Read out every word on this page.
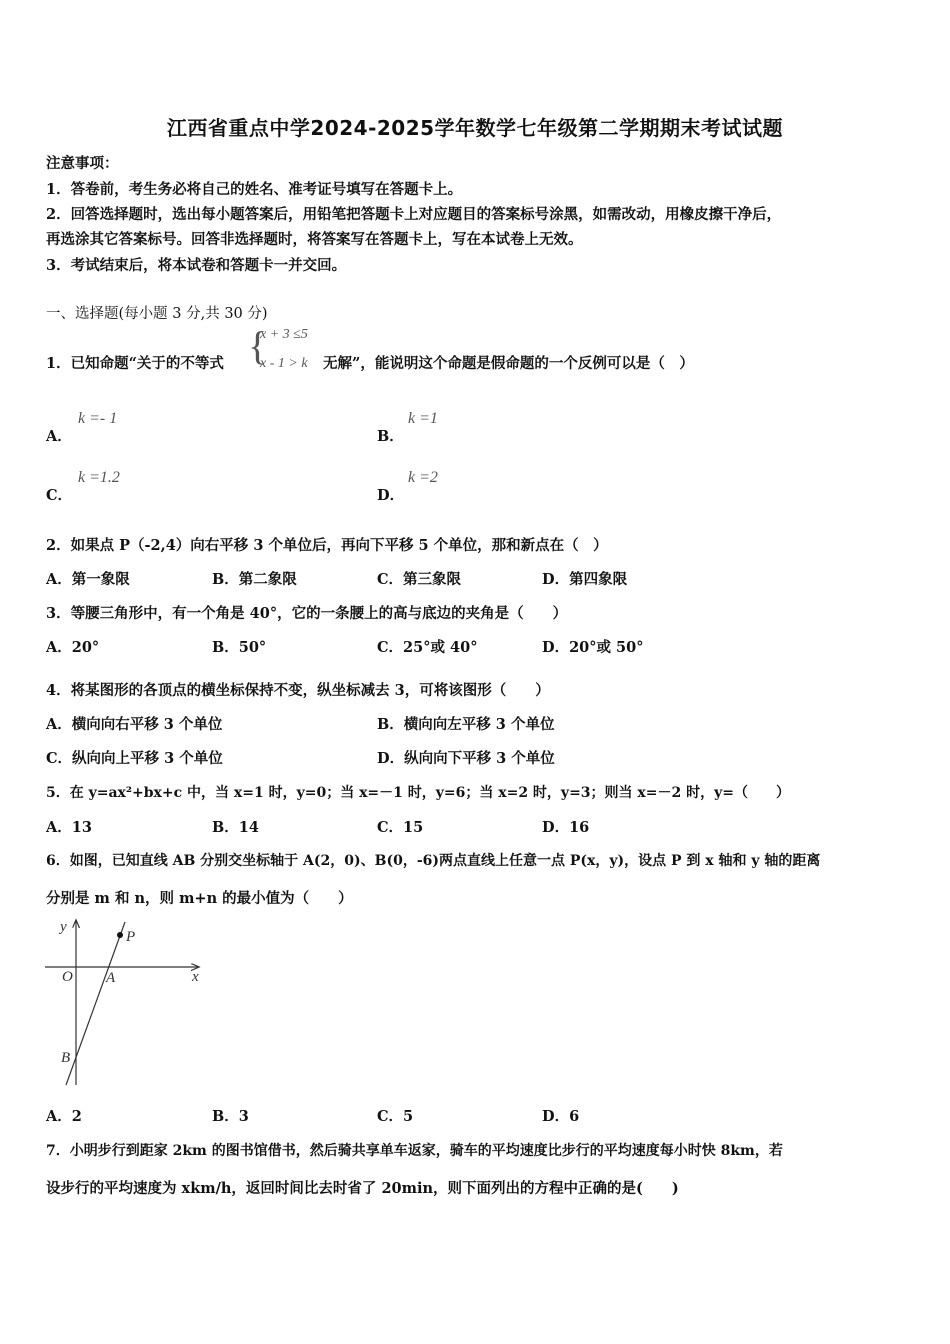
江西省重点中学2024-2025学年数学七年级第二学期期末考试试题
注意事项：
1．答卷前，考生务必将自己的姓名、准考证号填写在答题卡上。
2．回答选择题时，选出每小题答案后，用铅笔把答题卡上对应题目的答案标号涂黑，如需改动，用橡皮擦干净后，
再选涂其它答案标号。回答非选择题时，将答案写在答题卡上，写在本试卷上无效。
3．考试结束后，将本试卷和答题卡一并交回。
一、选择题(每小题 3 分,共 30 分)
1．已知命题“关于的不等式 {
x + 3 ≤5
x - 1 > k 无解”，能说明这个命题是假命题的一个反例可以是（　）
A．
k =- 1
B．
k =1
C．
k =1.2
D．
k =2
2．如果点 P（-2,4）向右平移 3 个单位后，再向下平移 5 个单位，那和新点在（　）
A．第一象限	B．第二象限	C．第三象限	D．第四象限
3．等腰三角形中，有一个角是 40°，它的一条腰上的高与底边的夹角是（　　）
A．20°	B．50°	C．25°或 40°	D．20°或 50°
4．将某图形的各顶点的横坐标保持不变，纵坐标减去 3，可将该图形（　　）
A．横向向右平移 3 个单位	B．横向向左平移 3 个单位
C．纵向向上平移 3 个单位	D．纵向向下平移 3 个单位
5．在 y=ax²+bx+c 中，当 x=1 时，y=0；当 x=－1 时，y=6；当 x=2 时，y=3；则当 x=－2 时，y=（　　）
A．13	B．14	C．15	D．16
6．如图，已知直线 AB 分别交坐标轴于 A(2，0)、B(0，-6)两点直线上任意一点 P(x，y)，设点 P 到 x 轴和 y 轴的距离
分别是 m 和 n，则 m+n 的最小值为（　　）
y
x
O A
B
P
A．2	B．3	C．5	D．6
7．小明步行到距家 2km 的图书馆借书，然后骑共享单车返家，骑车的平均速度比步行的平均速度每小时快 8km，若
设步行的平均速度为 xkm/h，返回时间比去时省了 20min，则下面列出的方程中正确的是(　　)
